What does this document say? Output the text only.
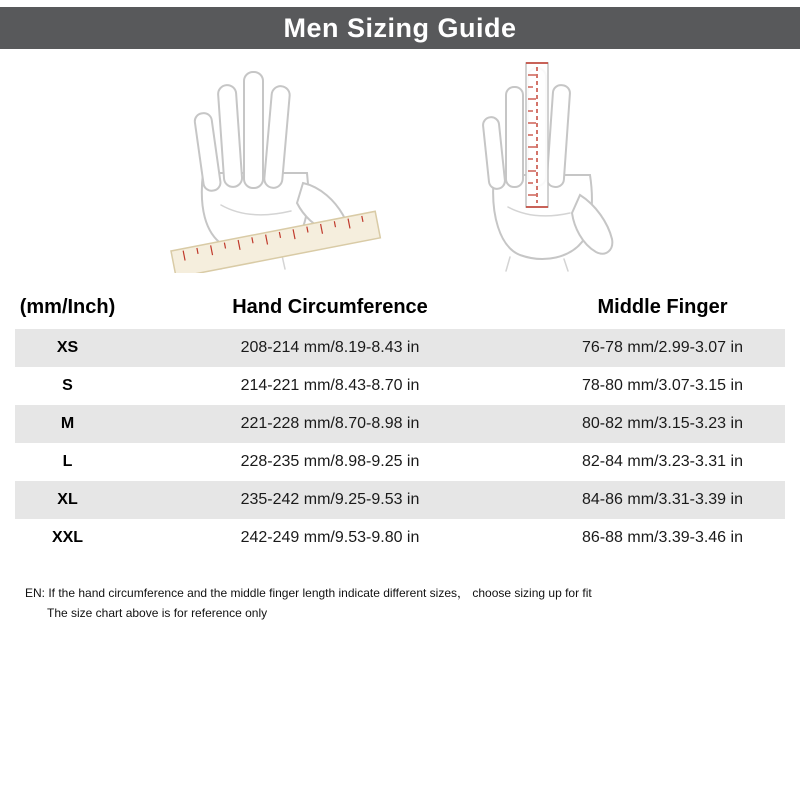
Men Sizing Guide
(mm/Inch)	Hand Circumference	Middle Finger
XS	208-214 mm/8.19-8.43 in	76-78 mm/2.99-3.07 in
S	214-221 mm/8.43-8.70 in	78-80 mm/3.07-3.15 in
M	221-228 mm/8.70-8.98 in	80-82 mm/3.15-3.23 in
L	228-235 mm/8.98-9.25 in	82-84 mm/3.23-3.31 in
XL	235-242 mm/9.25-9.53 in	84-86 mm/3.31-3.39 in
XXL	242-249 mm/9.53-9.80 in	86-88 mm/3.39-3.46 in
EN: If the hand circumference and the middle finger length indicate different sizes， choose sizing up for fit
The size chart above is for reference only
